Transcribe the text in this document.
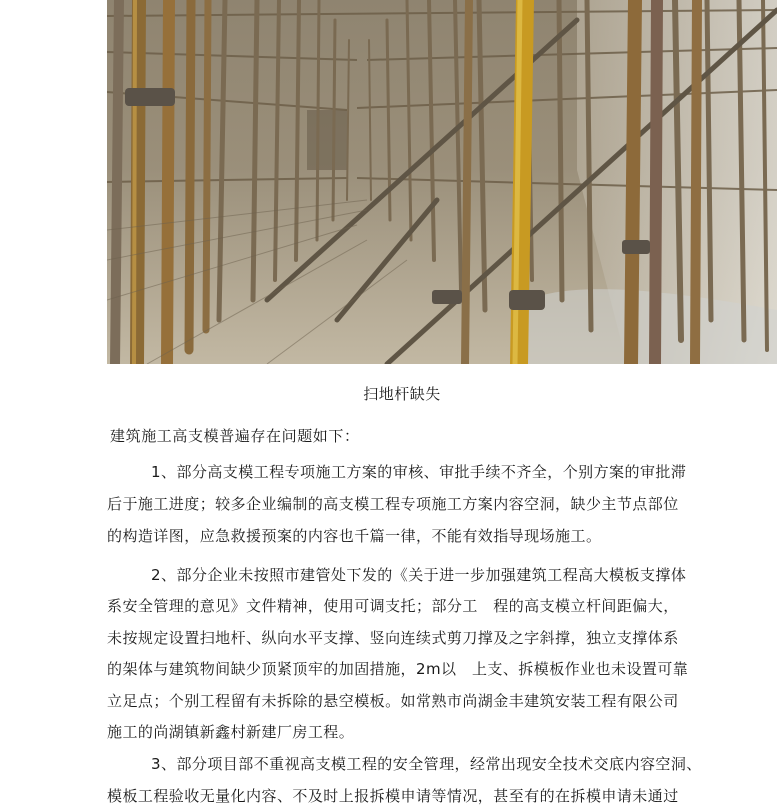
扫地杆缺失
建筑施工高支模普遍存在问题如下：
1、部分高支模工程专项施工方案的审核、审批手续不齐全，个别方案的审批滞
后于施工进度；较多企业编制的高支模工程专项施工方案内容空洞，缺少主节点部位
的构造详图，应急救援预案的内容也千篇一律，不能有效指导现场施工。
2、部分企业未按照市建管处下发的《关于进一步加强建筑工程高大模板支撑体
系安全管理的意见》文件精神，使用可调支托；部分工　程的高支模立杆间距偏大，
未按规定设置扫地杆、纵向水平支撑、竖向连续式剪刀撑及之字斜撑，独立支撑体系
的架体与建筑物间缺少顶紧顶牢的加固措施，2m以　上支、拆模板作业也未设置可靠
立足点；个别工程留有未拆除的悬空模板。如常熟市尚湖金丰建筑安装工程有限公司
施工的尚湖镇新鑫村新建厂房工程。
3、部分项目部不重视高支模工程的安全管理，经常出现安全技术交底内容空洞、
模板工程验收无量化内容、不及时上报拆模申请等情况，甚至有的在拆模申请未通过
